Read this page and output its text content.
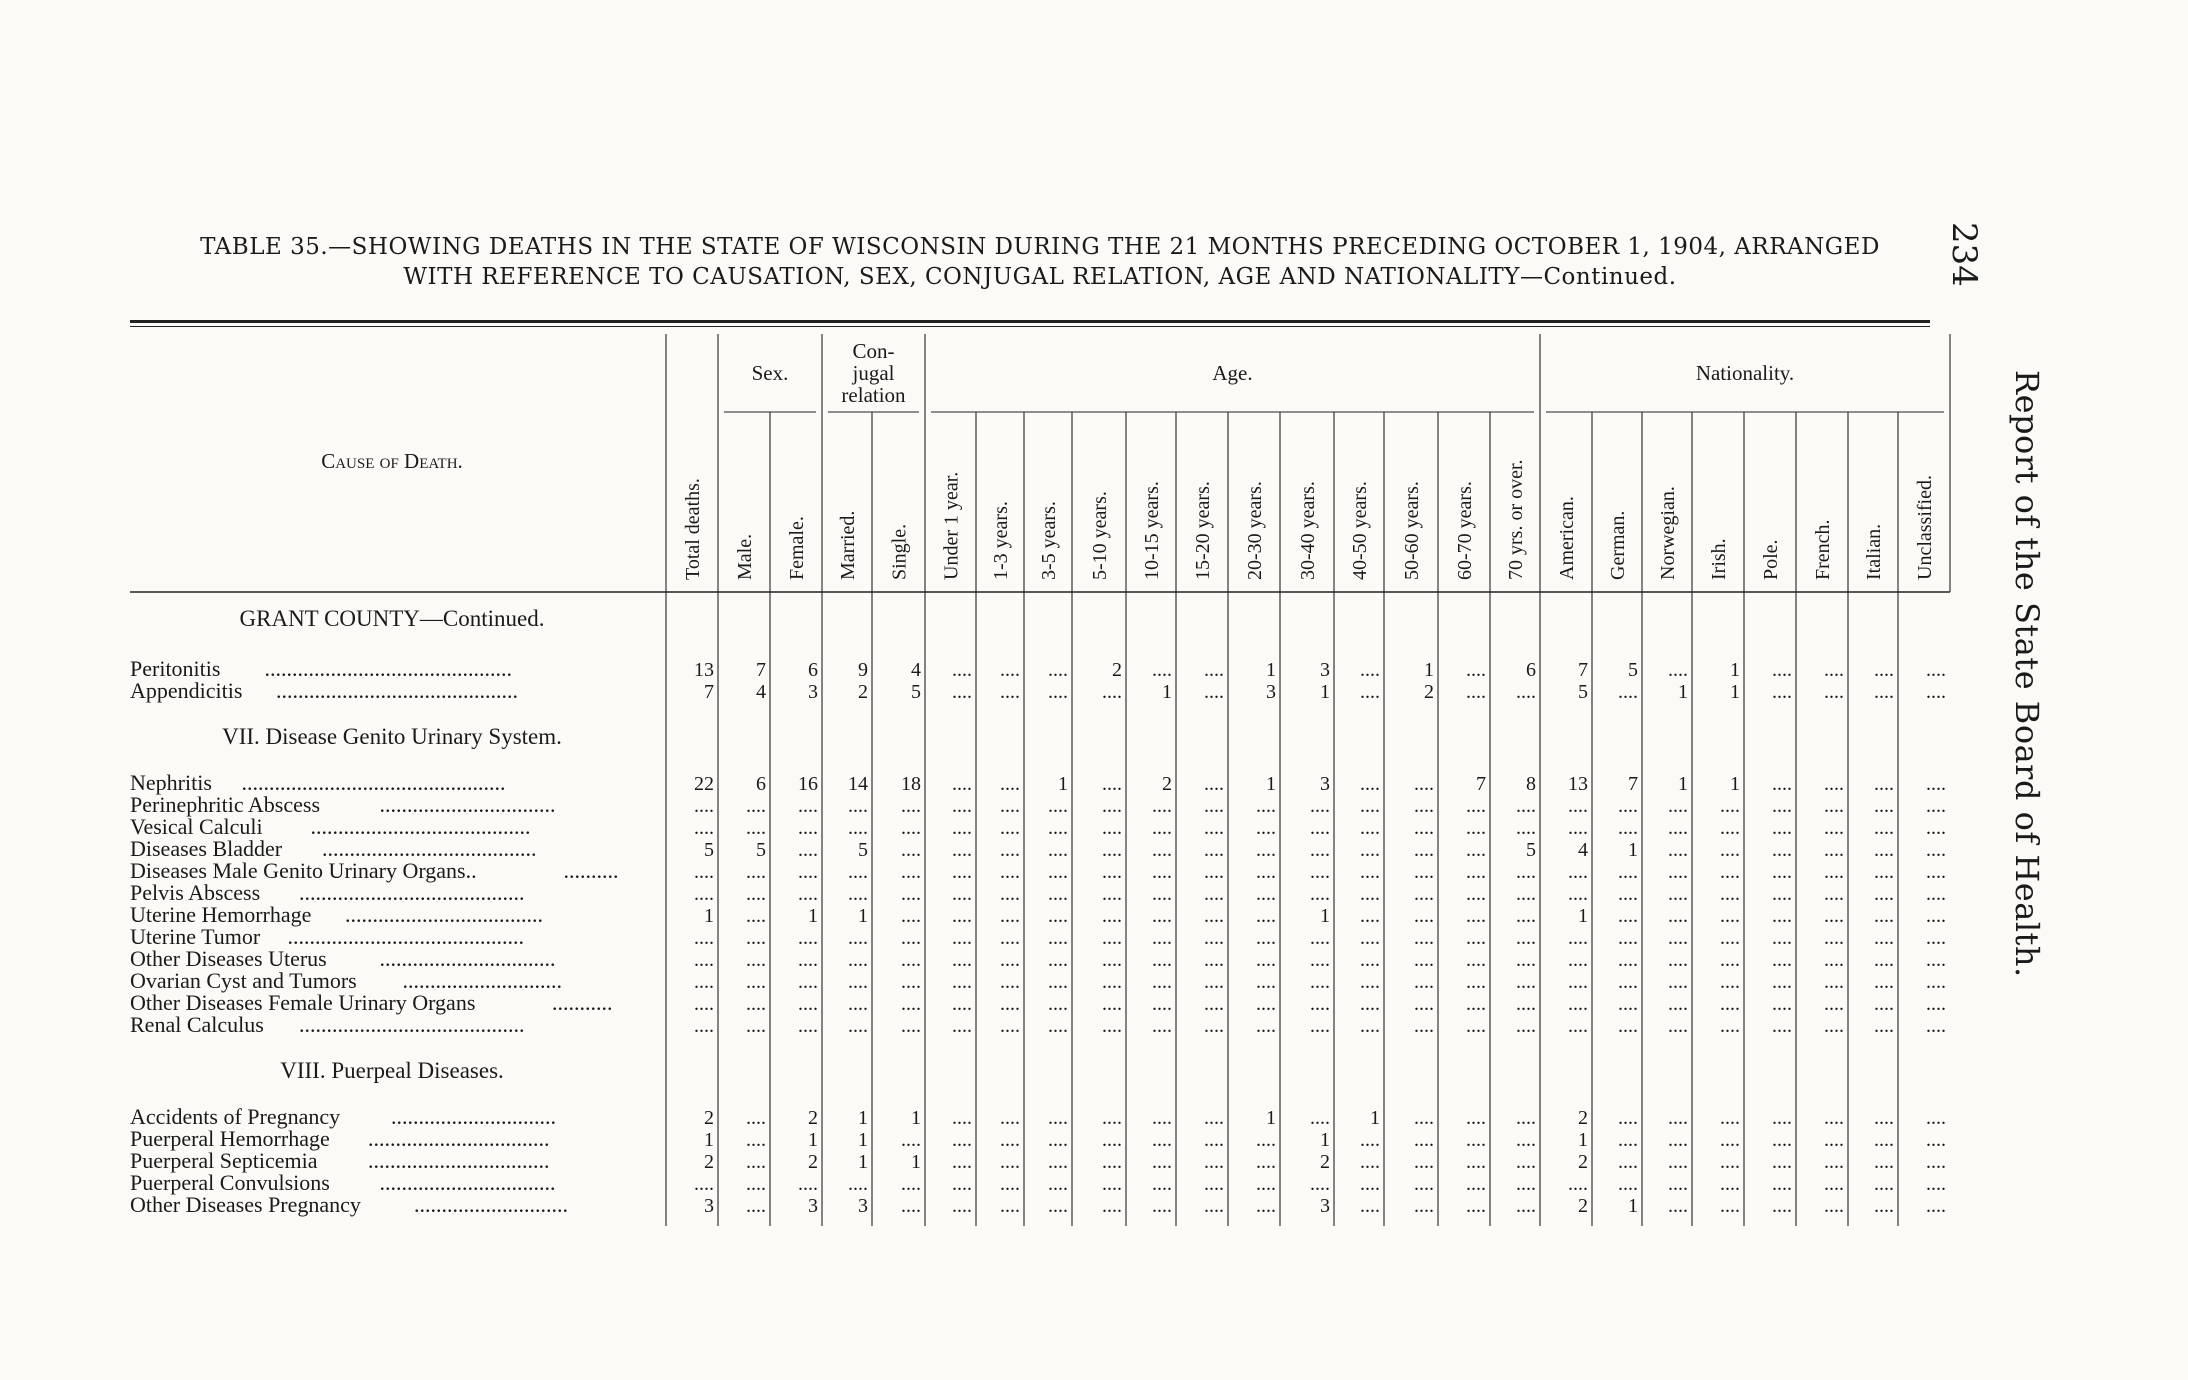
TABLE 35.—SHOWING DEATHS IN THE STATE OF WISCONSIN DURING THE 21 MONTHS PRECEDING OCTOBER 1, 1904, ARRANGED
WITH REFERENCE TO CAUSATION, SEX, CONJUGAL RELATION, AGE AND NATIONALITY—Continued.	234
Report of the State Board of Health.
Cause of Death.
Sex.
Con-
jugal
relation
Age.	Nationality.
Total deaths. Male. Female. Married. Single. Under 1 year. 1-3 years. 3-5 years. 5-10 years. 10-15 years. 15-20 years. 20-30 years. 30-40 years. 40-50 years. 50-60 years. 60-70 years. 70 yrs. or over. American. German. Norwegian. Irish. Pole. French. Italian. Unclassified.
GRANT COUNTY—Continued.
Peritonitis .............................................	13 7 6 9 4 .... .... .... 2 .... .... 1 3 .... 1 .... 6 7 5 .... 1 .... .... .... ....
Appendicitis ............................................	7 4 3 2 5 .... .... .... .... 1 .... 3 1 .... 2 .... .... 5 .... 1 1 .... .... .... ....
VII. Disease Genito Urinary System.
Nephritis ................................................	22 6 16 14 18 .... .... 1 .... 2 .... 1 3 .... .... 7 8 13 7 1 1 .... .... .... ....
Perinephritic Abscess	................................	.... .... .... .... .... .... .... .... .... .... .... .... .... .... .... .... .... .... .... .... .... .... .... .... ....
Vesical Calculi ........................................	.... .... .... .... .... .... .... .... .... .... .... .... .... .... .... .... .... .... .... .... .... .... .... .... ....
Diseases Bladder .......................................	5 5 .... 5 .... .... .... .... .... .... .... .... .... .... .... .... 5 4 1 .... .... .... .... .... ....
Diseases Male Genito Urinary Organs..	..........	.... .... .... .... .... .... .... .... .... .... .... .... .... .... .... .... .... .... .... .... .... .... .... .... ....
Pelvis Abscess .........................................	.... .... .... .... .... .... .... .... .... .... .... .... .... .... .... .... .... .... .... .... .... .... .... .... ....
Uterine Hemorrhage ....................................	1 .... 1 1 .... .... .... .... .... .... .... .... 1 .... .... .... .... 1 .... .... .... .... .... .... ....
Uterine Tumor ...........................................	.... .... .... .... .... .... .... .... .... .... .... .... .... .... .... .... .... .... .... .... .... .... .... .... ....
Other Diseases Uterus ................................	.... .... .... .... .... .... .... .... .... .... .... .... .... .... .... .... .... .... .... .... .... .... .... .... ....
Ovarian Cyst and Tumors .............................	.... .... .... .... .... .... .... .... .... .... .... .... .... .... .... .... .... .... .... .... .... .... .... .... ....
Other Diseases Female Urinary Organs	...........	.... .... .... .... .... .... .... .... .... .... .... .... .... .... .... .... .... .... .... .... .... .... .... .... ....
Renal Calculus .........................................	.... .... .... .... .... .... .... .... .... .... .... .... .... .... .... .... .... .... .... .... .... .... .... .... ....
VIII. Puerpeal Diseases.
Accidents of Pregnancy ..............................	2 .... 2 1 1 .... .... .... .... .... .... 1 .... 1 .... .... .... 2 .... .... .... .... .... .... ....
Puerperal Hemorrhage .................................	1 .... 1 1 .... .... .... .... .... .... .... .... 1 .... .... .... .... 1 .... .... .... .... .... .... ....
Puerperal Septicemia .................................	2 .... 2 1 1 .... .... .... .... .... .... .... 2 .... .... .... .... 2 .... .... .... .... .... .... ....
Puerperal Convulsions ................................	.... .... .... .... .... .... .... .... .... .... .... .... .... .... .... .... .... .... .... .... .... .... .... .... ....
Other Diseases Pregnancy ............................	3 .... 3 3 .... .... .... .... .... .... .... .... 3 .... .... .... .... 2 1 .... .... .... .... .... ....
